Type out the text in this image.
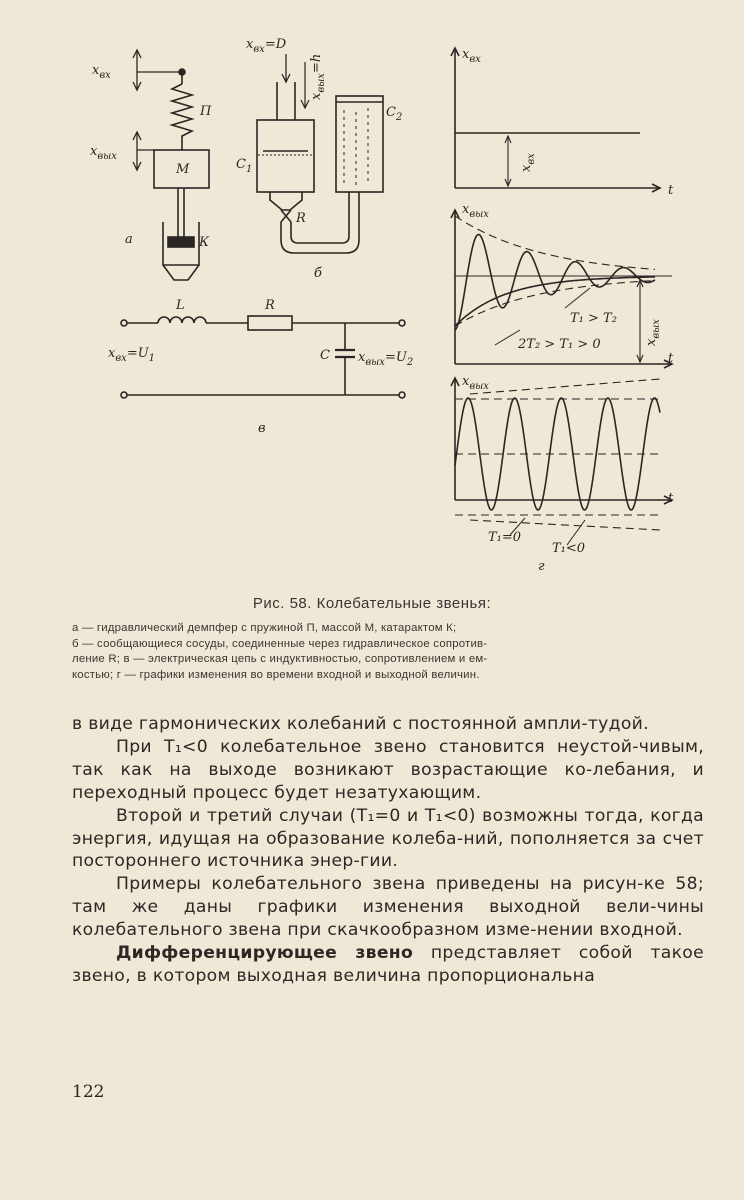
$x_{вх}$
П
$x_{вых}$
М
К
а
$x_{вх}=D$
$x_{вых}=h$
$C_1$
R
$C_2$
б
L	R
C
$x_{вх}=U_1$	$x_{вых}=U_2$
в
$x_{вх}$
$x_{вх}$
t
$x_{вых}$
t
$x_{вых}$
T₁ > T₂
2T₂ > T₁ > 0
$x_{вых}$
t
T₁=0
T₁<0
г
Рис. 58. Колебательные звенья:

а — гидравлический демпфер с пружиной П, массой М, катарактом К;

б — сообщающиеся сосуды, соединенные через гидравлическое сопротив-

ление R; в — электрическая цепь с индуктивностью, сопротивлением и ем-

костью; г — графики изменения во времени входной и выходной величин.

в виде гармонических колебаний с постоянной ампли-тудой.

При T₁<0 колебательное звено становится неустой-чивым, так как на выходе возникают возрастающие ко-лебания, и переходный процесс будет незатухающим.

Второй и третий случаи (T₁=0 и T₁<0) возможны тогда, когда энергия, идущая на образование колеба-ний, пополняется за счет постороннего источника энер-гии.

Примеры колебательного звена приведены на рисун-ке 58; там же даны графики изменения выходной вели-чины колебательного звена при скачкообразном изме-нении входной.

Дифференцирующее звено представляет собой такое звено, в котором выходная величина пропорциональна

122
